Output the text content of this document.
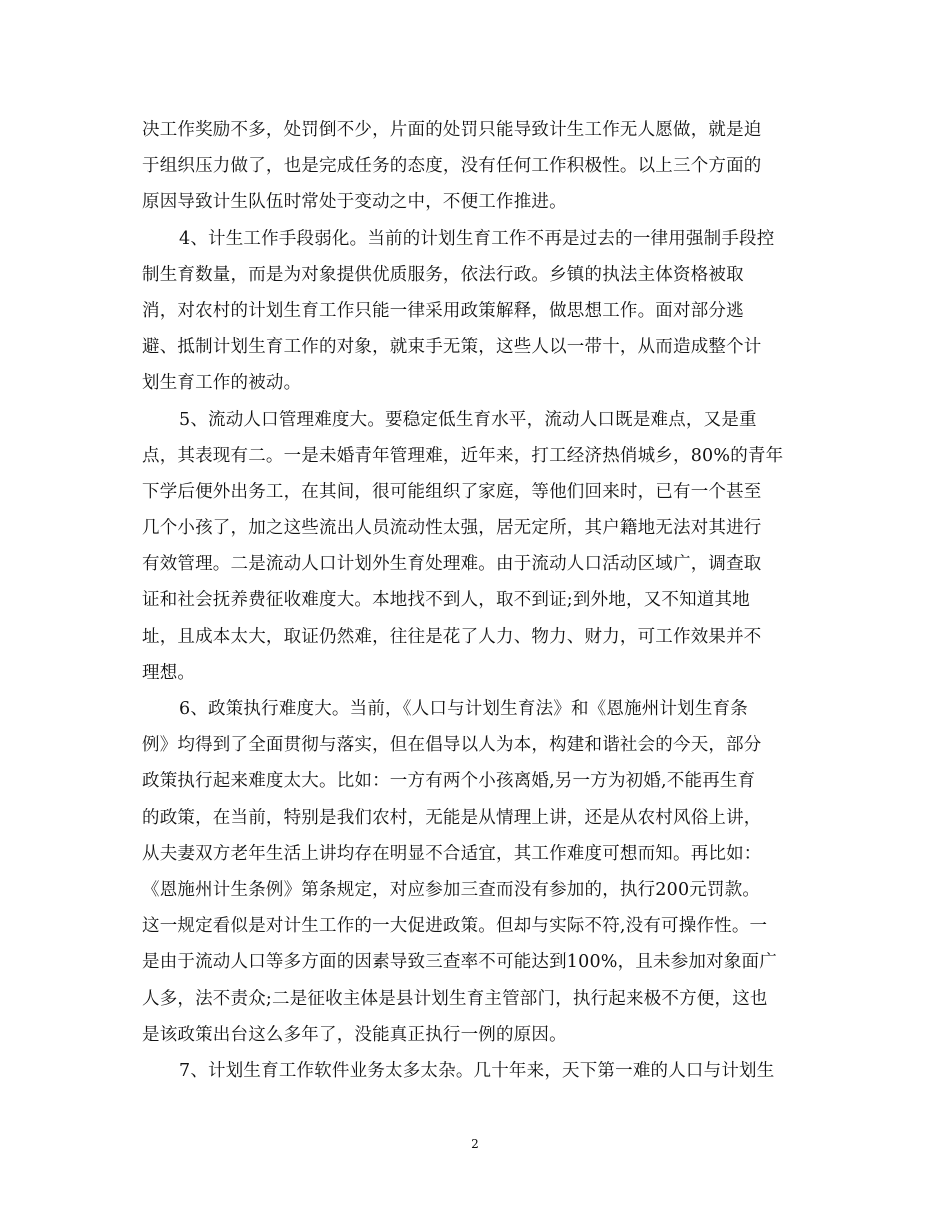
决工作奖励不多，处罚倒不少，片面的处罚只能导致计生工作无人愿做，就是迫
于组织压力做了，也是完成任务的态度，没有任何工作积极性。以上三个方面的
原因导致计生队伍时常处于变动之中，不便工作推进。
4、计生工作手段弱化。当前的计划生育工作不再是过去的一律用强制手段控
制生育数量，而是为对象提供优质服务，依法行政。乡镇的执法主体资格被取
消，对农村的计划生育工作只能一律采用政策解释，做思想工作。面对部分逃
避、抵制计划生育工作的对象，就束手无策，这些人以一带十，从而造成整个计
划生育工作的被动。
5、流动人口管理难度大。要稳定低生育水平，流动人口既是难点，又是重
点，其表现有二。一是未婚青年管理难，近年来，打工经济热俏城乡，80%的青年
下学后便外出务工，在其间，很可能组织了家庭，等他们回来时，已有一个甚至
几个小孩了，加之这些流出人员流动性太强，居无定所，其户籍地无法对其进行
有效管理。二是流动人口计划外生育处理难。由于流动人口活动区域广，调查取
证和社会抚养费征收难度大。本地找不到人，取不到证;到外地，又不知道其地
址，且成本太大，取证仍然难，往往是花了人力、物力、财力，可工作效果并不
理想。
6、政策执行难度大。当前，《人口与计划生育法》和《恩施州计划生育条
例》均得到了全面贯彻与落实，但在倡导以人为本，构建和谐社会的今天，部分
政策执行起来难度太大。比如：一方有两个小孩离婚,另一方为初婚,不能再生育
的政策，在当前，特别是我们农村，无能是从情理上讲，还是从农村风俗上讲，
从夫妻双方老年生活上讲均存在明显不合适宜，其工作难度可想而知。再比如：
《恩施州计生条例》第条规定，对应参加三查而没有参加的，执行200元罚款。
这一规定看似是对计生工作的一大促进政策。但却与实际不符,没有可操作性。一
是由于流动人口等多方面的因素导致三查率不可能达到100%，且未参加对象面广
人多，法不责众;二是征收主体是县计划生育主管部门，执行起来极不方便，这也
是该政策出台这么多年了，没能真正执行一例的原因。
7、计划生育工作软件业务太多太杂。几十年来，天下第一难的人口与计划生
2
